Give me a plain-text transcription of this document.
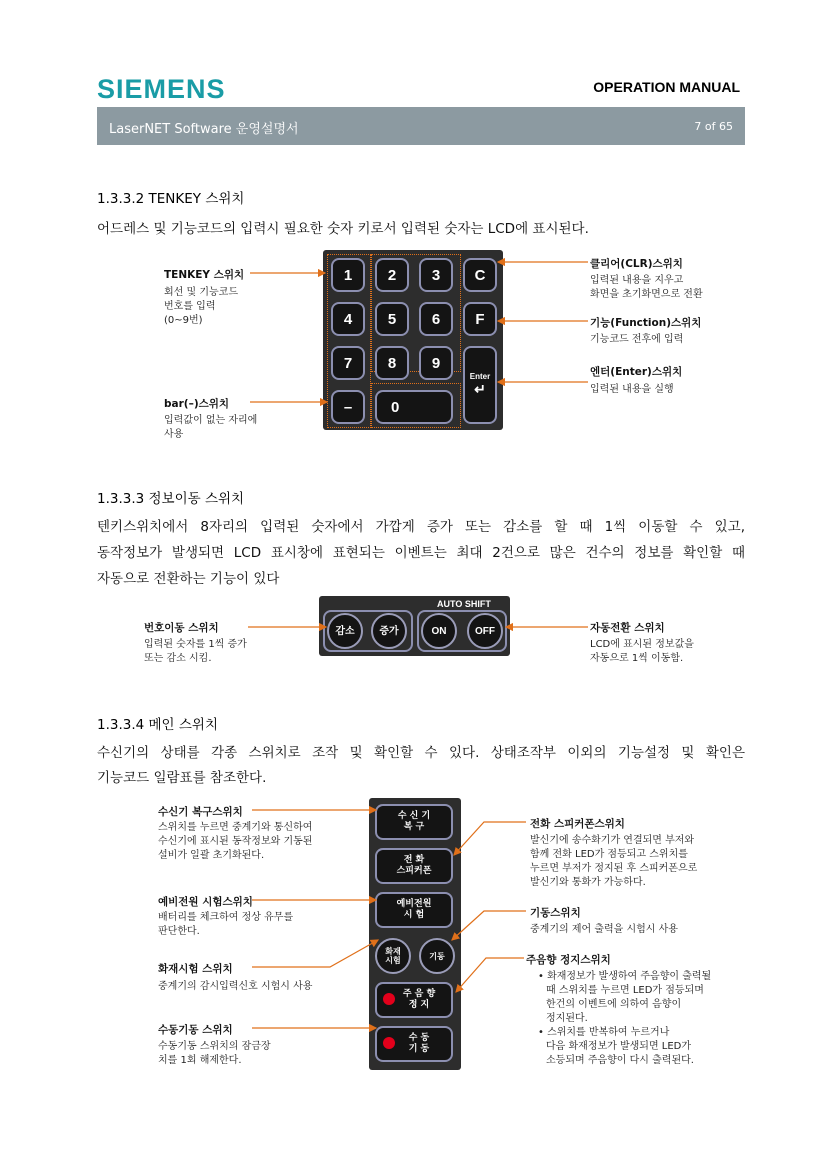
SIEMENS	OPERATION MANUAL
LaserNET Software 운영설명서	7 of 65
1.3.3.2 TENKEY 스위치
어드레스 및 기능코드의 입력시 필요한 숫자 키로서 입력된 숫자는 LCD에 표시된다.
1	2	3	C
4	5	6	F
7	8	9
Enter
↵
–	0
TENKEY 스위치
회선 및 기능코드
번호를 입력
(0~9번)
bar(–)스위치
입력값이 없는 자리에
사용
클리어(CLR)스위치
입력된 내용을 지우고
화면을 초기화면으로 전환
기능(Function)스위치
기능코드 전후에 입력
엔터(Enter)스위치
입력된 내용을 실행
1.3.3.3 정보이동 스위치
텐키스위치에서 8자리의 입력된 숫자에서 가깝게 증가 또는 감소를 할 때 1씩 이동할 수 있고,
동작정보가 발생되면 LCD 표시창에 표현되는 이벤트는 최대 2건으로 많은 건수의 정보를 확인할 때
자동으로 전환하는 기능이 있다
AUTO SHIFT
감소	증가	ON	OFF
번호이동 스위치
입력된 숫자를 1씩 증가
또는 감소 시킴.
자동전환 스위치
LCD에 표시된 정보값을
자동으로 1씩 이동함.
1.3.3.4 메인 스위치
수신기의 상태를 각종 스위치로 조작 및 확인할 수 있다. 상태조작부 이외의 기능설정 및 확인은
기능코드 일람표를 참조한다.
수 신 기
복 구
전 화
스피커폰
예비전원
시 험
화재
시험	기동
주 음 향
정 지
수 동
기 동
수신기 복구스위치
스위치를 누르면 중계기와 통신하여
수신기에 표시된 동작정보와 기동된
설비가 일괄 초기화된다.
예비전원 시험스위치
배터리를 체크하여 정상 유무를
판단한다.
화재시험 스위치
중계기의 감시입력신호 시험시 사용
수동기동 스위치
수동기동 스위치의 잠금장
치를 1회 해제한다.
전화 스피커폰스위치
발신기에 송수화기가 연결되면 부저와
함께 전화 LED가 점등되고 스위치를
누르면 부저가 정지된 후 스피커폰으로
발신기와 통화가 가능하다.
기동스위치
중계기의 제어 출력을 시험시 사용
주음향 정지스위치
• 화재정보가 발생하여 주음향이 출력될
때 스위치를 누르면 LED가 점등되며
한건의 이벤트에 의하여 음향이
정지된다.
• 스위치를 반복하여 누르거나
다음 화재정보가 발생되면 LED가
소등되며 주음향이 다시 출력된다.
